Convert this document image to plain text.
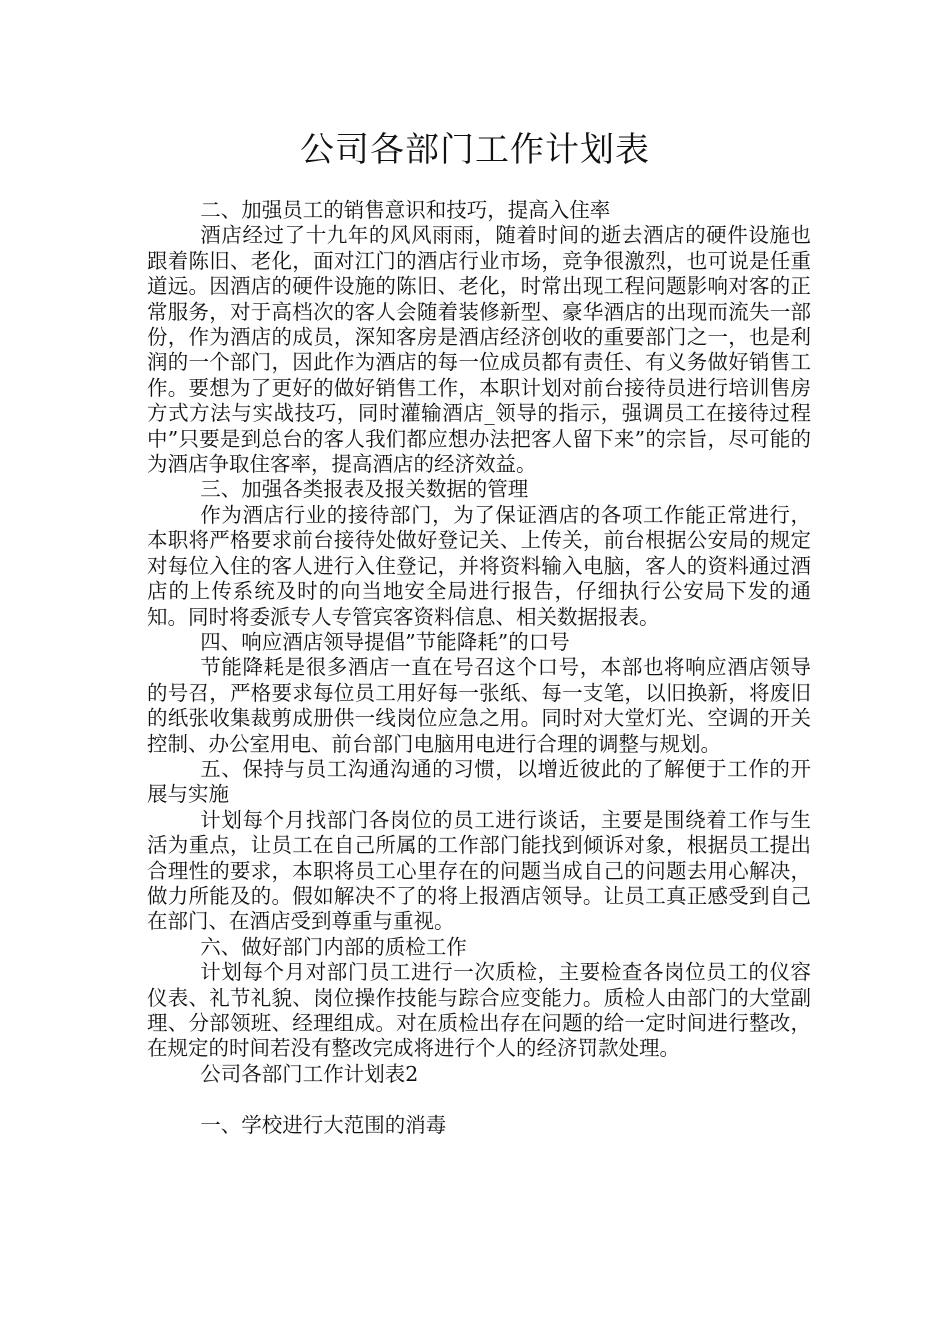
公司各部门工作计划表

二、加强员工的销售意识和技巧，提高入住率

酒店经过了十九年的风风雨雨，随着时间的逝去酒店的硬件设施也跟着陈旧、老化，面对江门的酒店行业市场，竞争很激烈，也可说是任重道远。因酒店的硬件设施的陈旧、老化，时常出现工程问题影响对客的正常服务，对于高档次的客人会随着装修新型、豪华酒店的出现而流失一部份，作为酒店的成员，深知客房是酒店经济创收的重要部门之一，也是利润的一个部门，因此作为酒店的每一位成员都有责任、有义务做好销售工作。要想为了更好的做好销售工作，本职计划对前台接待员进行培训售房方式方法与实战技巧，同时灌输酒店_领导的指示，强调员工在接待过程中”只要是到总台的客人我们都应想办法把客人留下来”的宗旨，尽可能的为酒店争取住客率，提高酒店的经济效益。

三、加强各类报表及报关数据的管理

作为酒店行业的接待部门，为了保证酒店的各项工作能正常进行，本职将严格要求前台接待处做好登记关、上传关，前台根据公安局的规定对每位入住的客人进行入住登记，并将资料输入电脑，客人的资料通过酒店的上传系统及时的向当地安全局进行报告，仔细执行公安局下发的通知。同时将委派专人专管宾客资料信息、相关数据报表。

四、响应酒店领导提倡”节能降耗”的口号

节能降耗是很多酒店一直在号召这个口号，本部也将响应酒店领导的号召，严格要求每位员工用好每一张纸、每一支笔，以旧换新，将废旧的纸张收集裁剪成册供一线岗位应急之用。同时对大堂灯光、空调的开关控制、办公室用电、前台部门电脑用电进行合理的调整与规划。

五、保持与员工沟通沟通的习惯，以增近彼此的了解便于工作的开展与实施

计划每个月找部门各岗位的员工进行谈话，主要是围绕着工作与生活为重点，让员工在自己所属的工作部门能找到倾诉对象，根据员工提出合理性的要求，本职将员工心里存在的问题当成自己的问题去用心解决，做力所能及的。假如解决不了的将上报酒店领导。让员工真正感受到自己在部门、在酒店受到尊重与重视。

六、做好部门内部的质检工作

计划每个月对部门员工进行一次质检，主要检查各岗位员工的仪容仪表、礼节礼貌、岗位操作技能与踪合应变能力。质检人由部门的大堂副理、分部领班、经理组成。对在质检出存在问题的给一定时间进行整改，在规定的时间若没有整改完成将进行个人的经济罚款处理。

公司各部门工作计划表2

一、学校进行大范围的消毒
